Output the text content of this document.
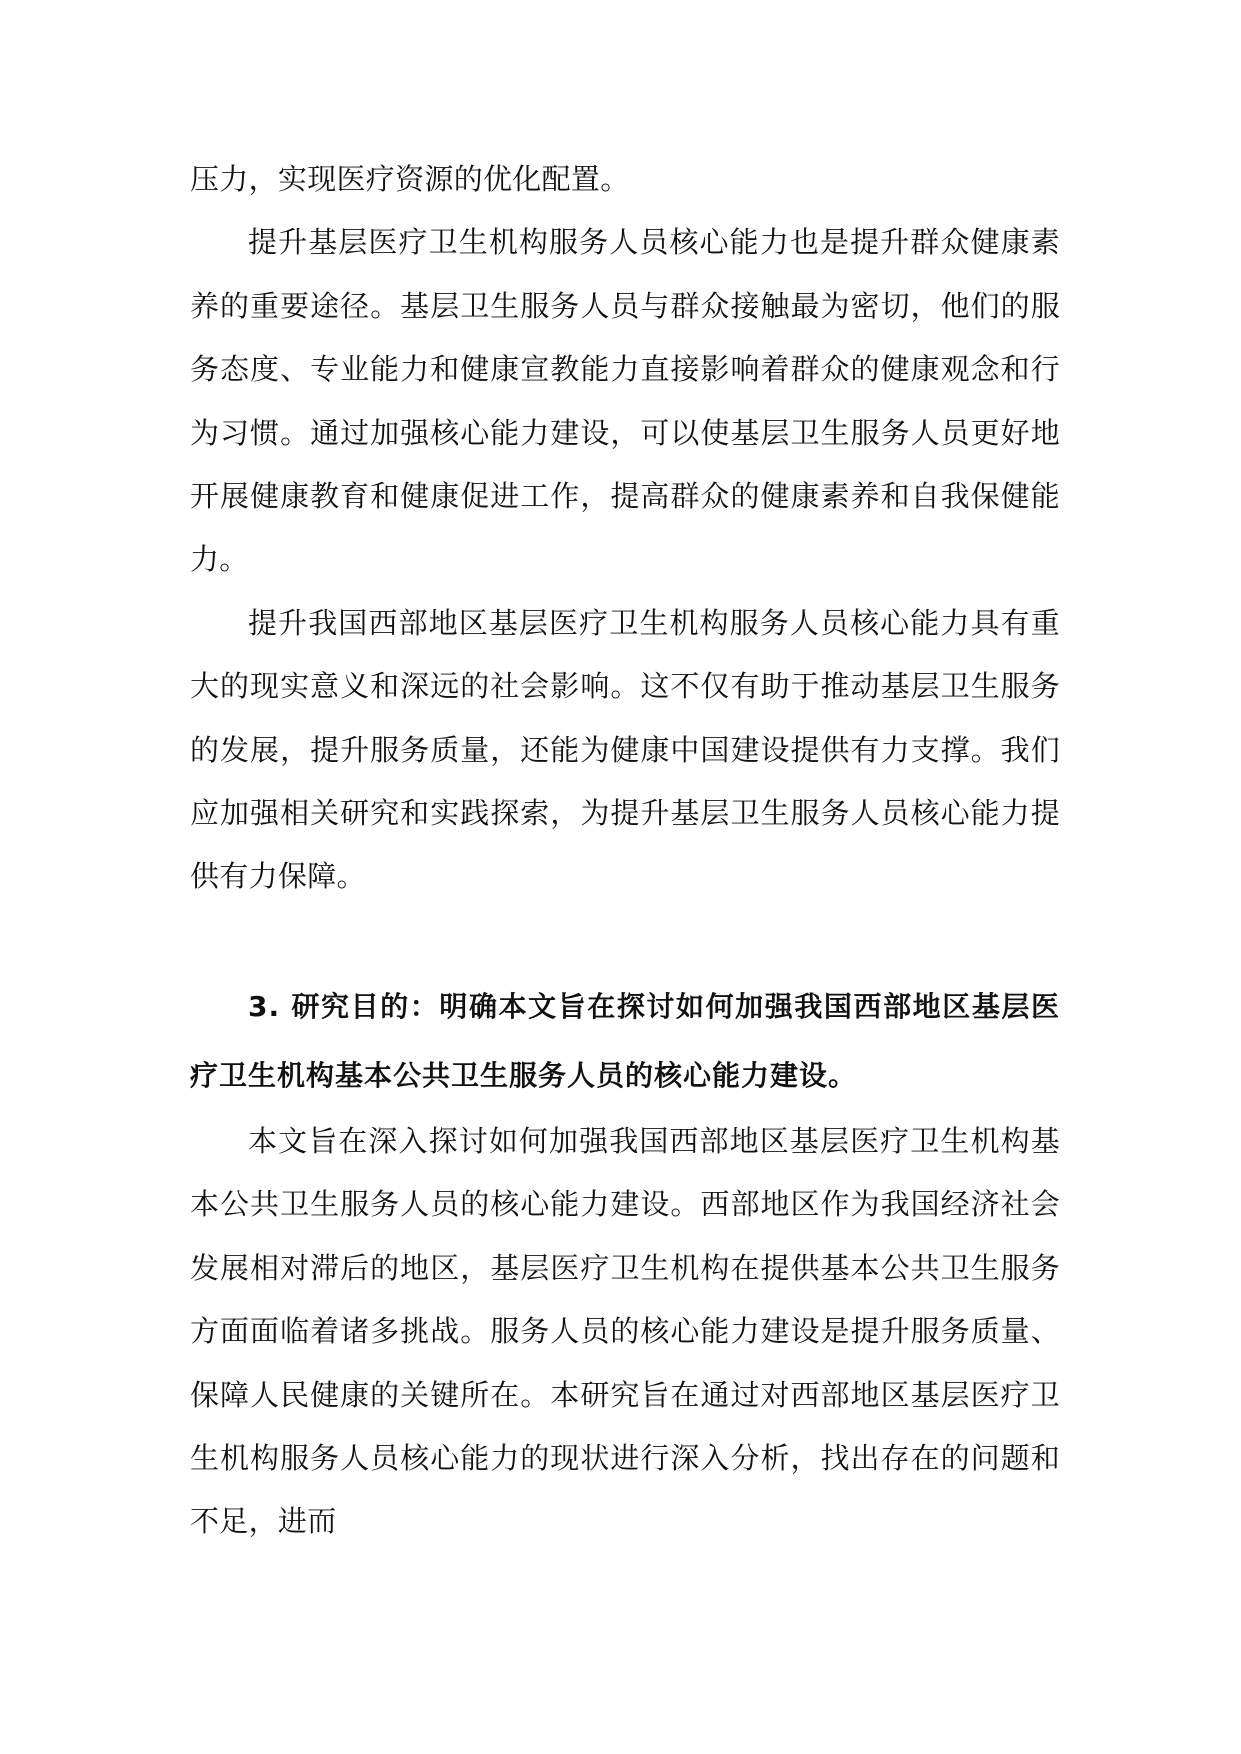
压力，实现医疗资源的优化配置。

提升基层医疗卫生机构服务人员核心能力也是提升群众健康素养的重要途径。基层卫生服务人员与群众接触最为密切，他们的服务态度、专业能力和健康宣教能力直接影响着群众的健康观念和行为习惯。通过加强核心能力建设，可以使基层卫生服务人员更好地开展健康教育和健康促进工作，提高群众的健康素养和自我保健能力。

提升我国西部地区基层医疗卫生机构服务人员核心能力具有重大的现实意义和深远的社会影响。这不仅有助于推动基层卫生服务的发展，提升服务质量，还能为健康中国建设提供有力支撑。我们应加强相关研究和实践探索，为提升基层卫生服务人员核心能力提供有力保障。

3. 研究目的：明确本文旨在探讨如何加强我国西部地区基层医疗卫生机构基本公共卫生服务人员的核心能力建设。

本文旨在深入探讨如何加强我国西部地区基层医疗卫生机构基本公共卫生服务人员的核心能力建设。西部地区作为我国经济社会发展相对滞后的地区，基层医疗卫生机构在提供基本公共卫生服务方面面临着诸多挑战。服务人员的核心能力建设是提升服务质量、保障人民健康的关键所在。本研究旨在通过对西部地区基层医疗卫生机构服务人员核心能力的现状进行深入分析，找出存在的问题和不足，进而
